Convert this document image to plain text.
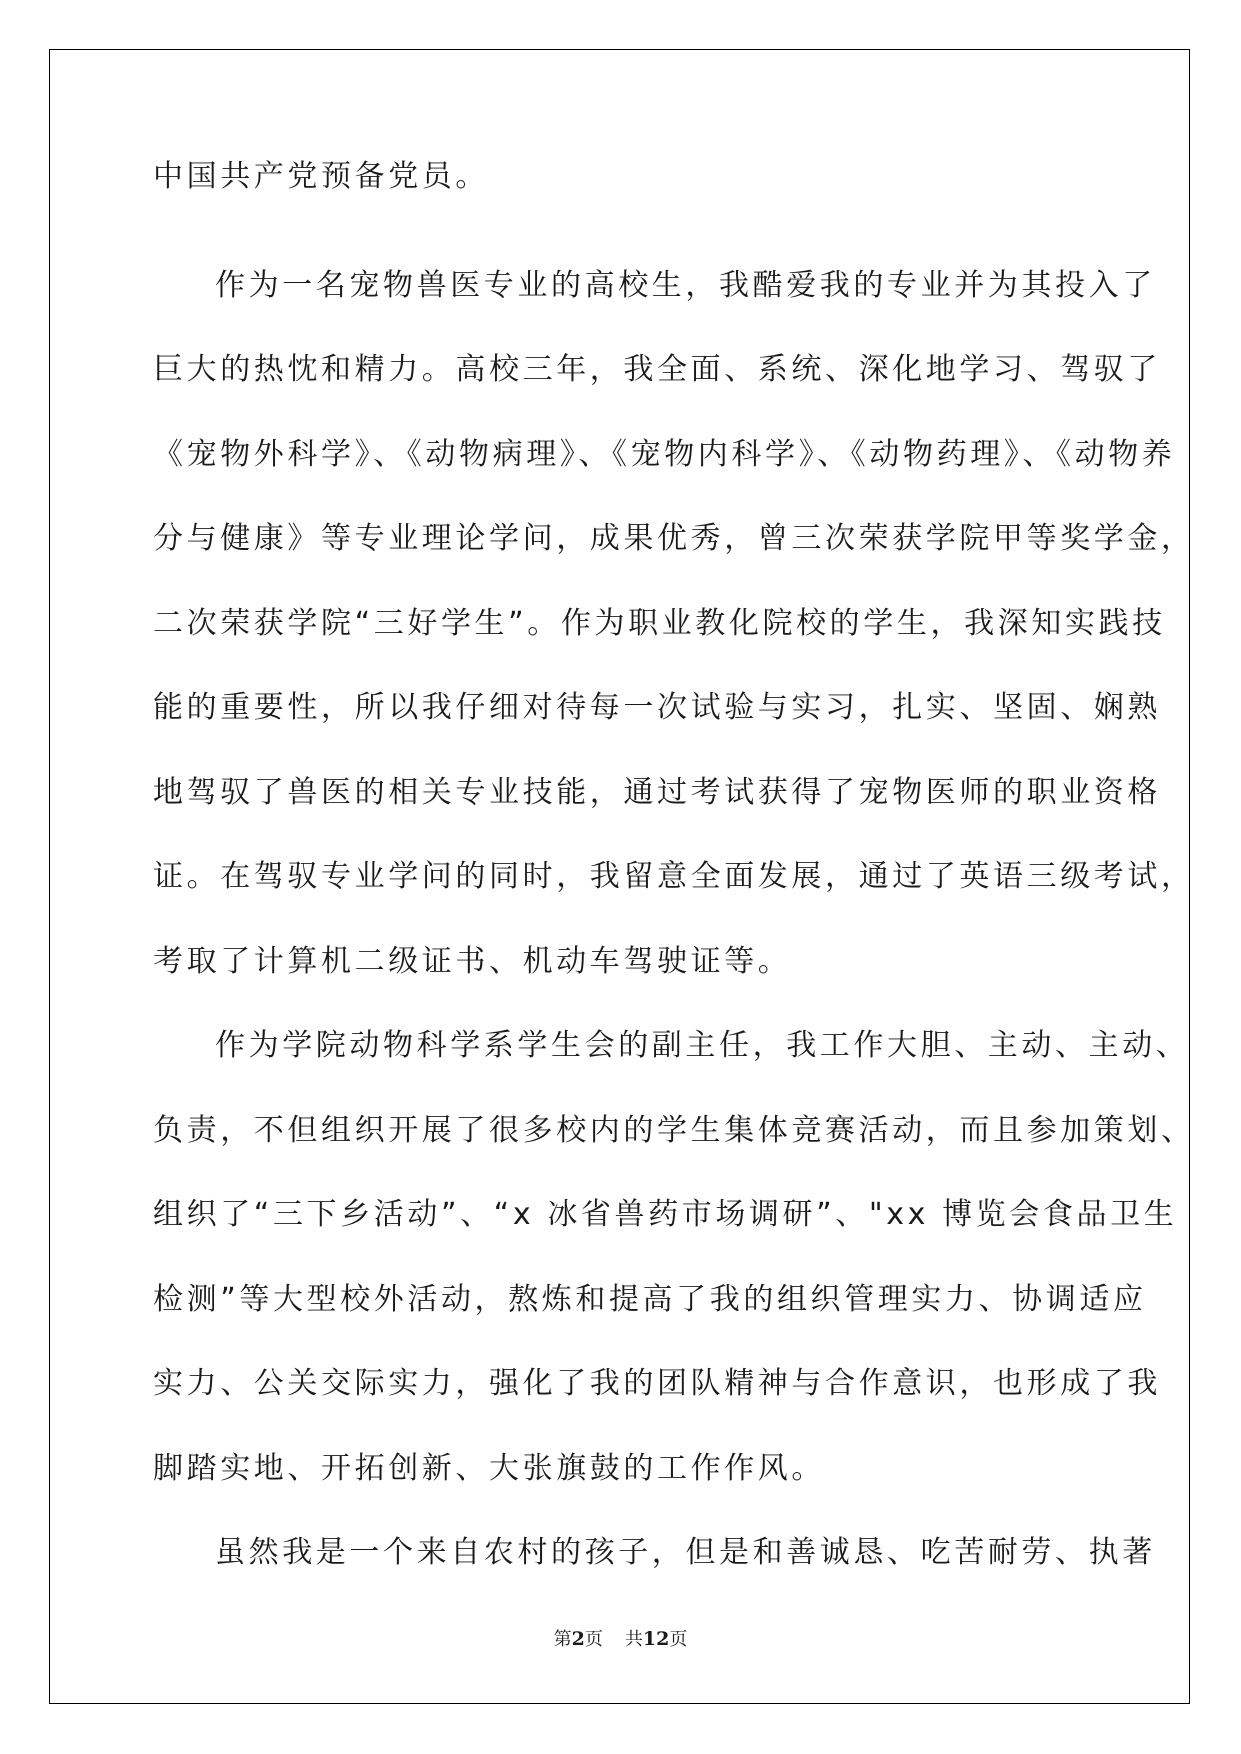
中国共产党预备党员。
作为一名宠物兽医专业的高校生，我酷爱我的专业并为其投入了
巨大的热忱和精力。高校三年，我全面、系统、深化地学习、驾驭了
《宠物外科学》、《动物病理》、《宠物内科学》、《动物药理》、《动物养
分与健康》等专业理论学问，成果优秀，曾三次荣获学院甲等奖学金，
二次荣获学院“三好学生”。作为职业教化院校的学生，我深知实践技
能的重要性，所以我仔细对待每一次试验与实习，扎实、坚固、娴熟
地驾驭了兽医的相关专业技能，通过考试获得了宠物医师的职业资格
证。在驾驭专业学问的同时，我留意全面发展，通过了英语三级考试，
考取了计算机二级证书、机动车驾驶证等。
作为学院动物科学系学生会的副主任，我工作大胆、主动、主动、
负责，不但组织开展了很多校内的学生集体竞赛活动，而且参加策划、
组织了“三下乡活动”、“x 冰省兽药市场调研”、"xx 博览会食品卫生
检测”等大型校外活动，熬炼和提高了我的组织管理实力、协调适应
实力、公关交际实力，强化了我的团队精神与合作意识，也形成了我
脚踏实地、开拓创新、大张旗鼓的工作作风。
虽然我是一个来自农村的孩子，但是和善诚恳、吃苦耐劳、执著
第2页 共12页
